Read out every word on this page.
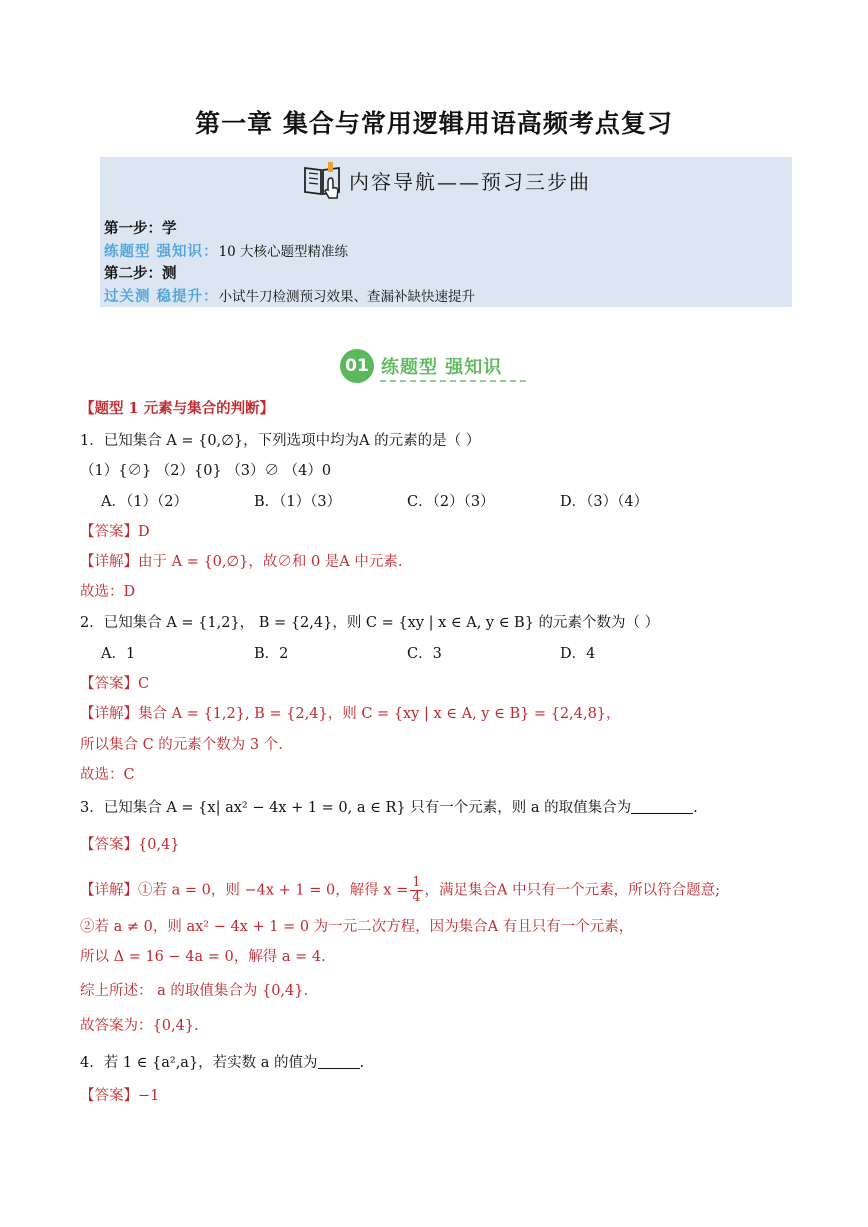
第一章 集合与常用逻辑用语高频考点复习
内容导航——预习三步曲
第一步：学
练题型 强知识：10 大核心题型精准练
第二步：测
过关测 稳提升：小试牛刀检测预习效果、查漏补缺快速提升
01 练题型 强知识
【题型 1 元素与集合的判断】
1．已知集合 A = {0,∅}，下列选项中均为A 的元素的是（ ）
（1）{∅} （2）{0} （3）∅ （4）0
A．（1）（2）	B．（1）（3）	C．（2）（3）	D．（3）（4）
【答案】D
【详解】由于 A = {0,∅}，故∅和 0 是A 中元素.
故选：D
2．已知集合 A = {1,2}， B = {2,4}，则 C = {xy | x ∈ A, y ∈ B} 的元素个数为（ ）
A．1	B．2	C．3	D．4
【答案】C
【详解】集合 A = {1,2}, B = {2,4}，则 C = {xy | x ∈ A, y ∈ B} = {2,4,8}，
所以集合 C 的元素个数为 3 个.
故选：C
3．已知集合 A = {x| ax² − 4x + 1 = 0, a ∈ R} 只有一个元素，则 a 的取值集合为	.
【答案】{0,4}
【详解】①若 a = 0，则 −4x + 1 = 0，解得 $x = \frac{1}{4}$ ，满足集合A 中只有一个元素，所以符合题意;
②若 a ≠ 0，则 ax² − 4x + 1 = 0 为一元二次方程，因为集合A 有且只有一个元素，
所以 Δ = 16 − 4a = 0，解得 a = 4.
综上所述： a 的取值集合为 {0,4}.
故答案为：{0,4}.
4．若 1 ∈ {a²,a}，若实数 a 的值为	.
【答案】−1
